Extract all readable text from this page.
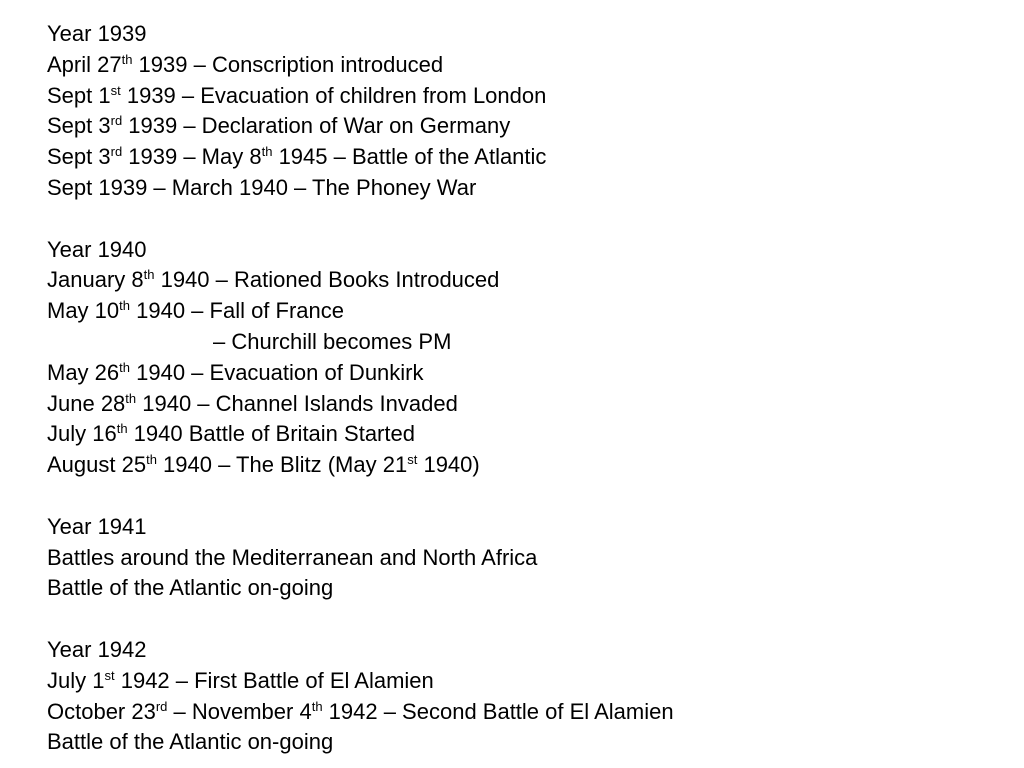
Year 1939
April 27th 1939 – Conscription introduced
Sept 1st 1939 – Evacuation of children from London
Sept 3rd 1939 – Declaration of War on Germany
Sept 3rd 1939 – May 8th 1945 – Battle of the Atlantic
Sept 1939 – March 1940 – The Phoney War
Year 1940
January 8th 1940 – Rationed Books Introduced
May 10th 1940 – Fall of France
– Churchill becomes PM
May 26th 1940 – Evacuation of Dunkirk
June 28th 1940 – Channel Islands Invaded
July 16th 1940 Battle of Britain Started
August 25th 1940 – The Blitz (May 21st 1940)
Year 1941
Battles around the Mediterranean and North Africa
Battle of the Atlantic on-going
Year 1942
July 1st 1942 – First Battle of El Alamien
October 23rd – November 4th 1942 – Second Battle of El Alamien
Battle of the Atlantic on-going
